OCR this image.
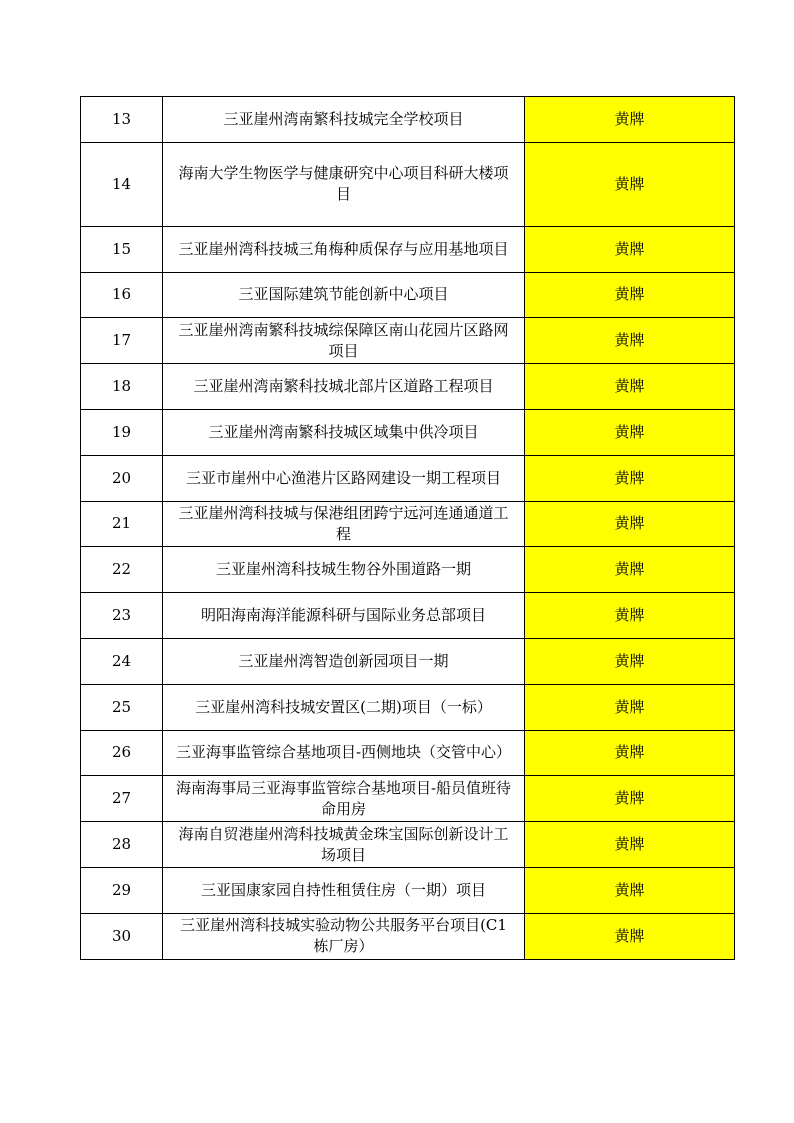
13	三亚崖州湾南繁科技城完全学校项目	黄牌
14	海南大学生物医学与健康研究中心项目科研大楼项目	黄牌
15	三亚崖州湾科技城三角梅种质保存与应用基地项目	黄牌
16	三亚国际建筑节能创新中心项目	黄牌
17	三亚崖州湾南繁科技城综保障区南山花园片区路网项目	黄牌
18	三亚崖州湾南繁科技城北部片区道路工程项目	黄牌
19	三亚崖州湾南繁科技城区域集中供冷项目	黄牌
20	三亚市崖州中心渔港片区路网建设一期工程项目	黄牌
21	三亚崖州湾科技城与保港组团跨宁远河连通通道工程	黄牌
22	三亚崖州湾科技城生物谷外围道路一期	黄牌
23	明阳海南海洋能源科研与国际业务总部项目	黄牌
24	三亚崖州湾智造创新园项目一期	黄牌
25	三亚崖州湾科技城安置区(二期)项目（一标）	黄牌
26	三亚海事监管综合基地项目-西侧地块（交管中心）	黄牌
27	海南海事局三亚海事监管综合基地项目-船员值班待命用房	黄牌
28	海南自贸港崖州湾科技城黄金珠宝国际创新设计工场项目	黄牌
29	三亚国康家园自持性租赁住房（一期）项目	黄牌
30	三亚崖州湾科技城实验动物公共服务平台项目(C1栋厂房）	黄牌
